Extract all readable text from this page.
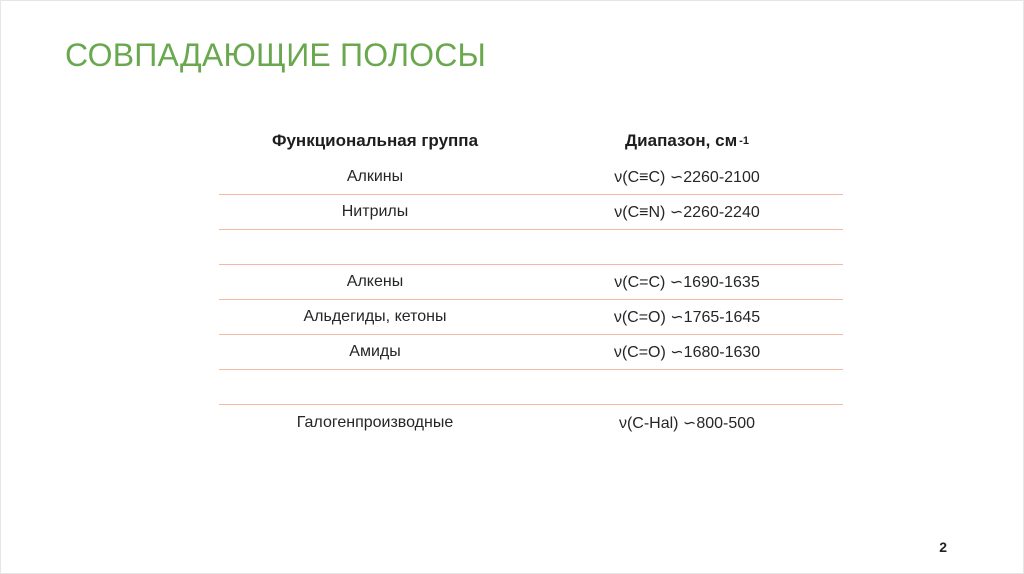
СОВПАДАЮЩИЕ ПОЛОСЫ
Функциональная группа	Диапазон, см -1
Алкины	ν(С≡С) ∽2260-2100
Нитрилы	ν(С≡N) ∽2260-2240
Алкены	ν(С=С) ∽1690-1635
Альдегиды, кетоны	ν(С=О) ∽1765-1645
Амиды	ν(С=О) ∽1680-1630
Галогенпроизводные	ν(С-Hal) ∽800-500
2
